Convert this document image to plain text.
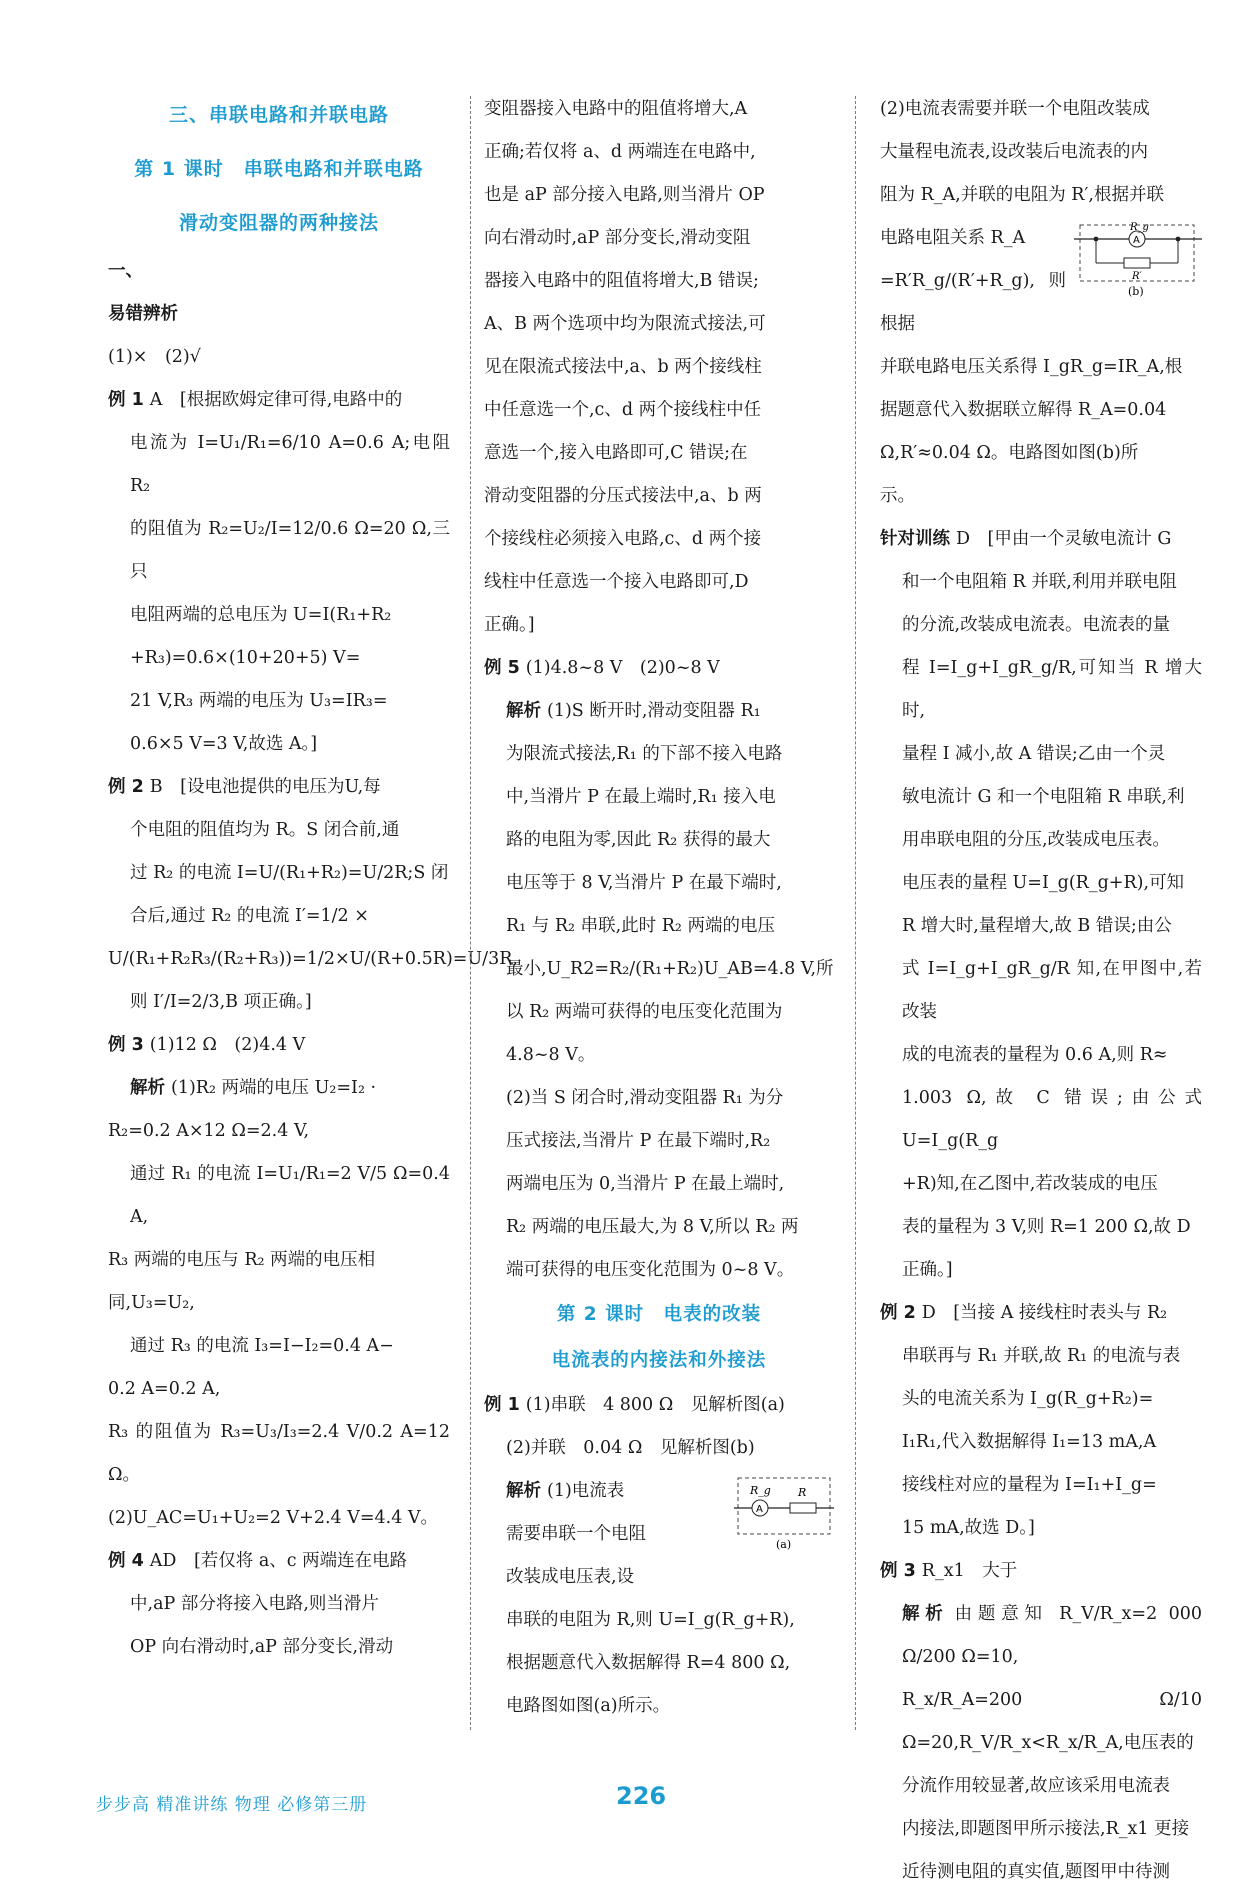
三、串联电路和并联电路
第 1 课时　串联电路和并联电路
滑动变阻器的两种接法

一、

易错辨析

(1)×　(2)√

例 1 A　[根据欧姆定律可得,电路中的

电流为 I=U₁/R₁=6/10 A=0.6 A;电阻 R₂

的阻值为 R₂=U₂/I=12/0.6 Ω=20 Ω,三只

电阻两端的总电压为 U=I(R₁+R₂

+R₃)=0.6×(10+20+5) V=

21 V,R₃ 两端的电压为 U₃=IR₃=

0.6×5 V=3 V,故选 A。]

例 2 B　[设电池提供的电压为U,每

个电阻的阻值均为 R。S 闭合前,通

过 R₂ 的电流 I=U/(R₁+R₂)=U/2R;S 闭

合后,通过 R₂ 的电流 I′=1/2 ×

U/(R₁+R₂R₃/(R₂+R₃))=1/2×U/(R+0.5R)=U/3R,

则 I′/I=2/3,B 项正确。]

例 3 (1)12 Ω　(2)4.4 V

解析 (1)R₂ 两端的电压 U₂=I₂ ·

R₂=0.2 A×12 Ω=2.4 V,

通过 R₁ 的电流 I=U₁/R₁=2 V/5 Ω=0.4 A,

R₃ 两端的电压与 R₂ 两端的电压相

同,U₃=U₂,

通过 R₃ 的电流 I₃=I−I₂=0.4 A−

0.2 A=0.2 A,

R₃ 的阻值为 R₃=U₃/I₃=2.4 V/0.2 A=12 Ω。

(2)U_AC=U₁+U₂=2 V+2.4 V=4.4 V。

例 4 AD　[若仅将 a、c 两端连在电路

中,aP 部分将接入电路,则当滑片

OP 向右滑动时,aP 部分变长,滑动

变阻器接入电路中的阻值将增大,A

正确;若仅将 a、d 两端连在电路中,

也是 aP 部分接入电路,则当滑片 OP

向右滑动时,aP 部分变长,滑动变阻

器接入电路中的阻值将增大,B 错误;

A、B 两个选项中均为限流式接法,可

见在限流式接法中,a、b 两个接线柱

中任意选一个,c、d 两个接线柱中任

意选一个,接入电路即可,C 错误;在

滑动变阻器的分压式接法中,a、b 两

个接线柱必须接入电路,c、d 两个接

线柱中任意选一个接入电路即可,D

正确。]

例 5 (1)4.8~8 V　(2)0~8 V

解析 (1)S 断开时,滑动变阻器 R₁

为限流式接法,R₁ 的下部不接入电路

中,当滑片 P 在最上端时,R₁ 接入电

路的电阻为零,因此 R₂ 获得的最大

电压等于 8 V,当滑片 P 在最下端时,

R₁ 与 R₂ 串联,此时 R₂ 两端的电压

最小,U_R2=R₂/(R₁+R₂)U_AB=4.8 V,所

以 R₂ 两端可获得的电压变化范围为

4.8~8 V。

(2)当 S 闭合时,滑动变阻器 R₁ 为分

压式接法,当滑片 P 在最下端时,R₂

两端电压为 0,当滑片 P 在最上端时,

R₂ 两端的电压最大,为 8 V,所以 R₂ 两

端可获得的电压变化范围为 0~8 V。

第 2 课时　电表的改装
电流表的内接法和外接法

例 1 (1)串联　4 800 Ω　见解析图(a)

(2)并联　0.04 Ω　见解析图(b)

A
R_g R
(a)

解析 (1)电流表

需要串联一个电阻

改装成电压表,设

串联的电阻为 R,则 U=I_g(R_g+R),

根据题意代入数据解得 R=4 800 Ω,

电路图如图(a)所示。

(2)电流表需要并联一个电阻改装成

大量程电流表,设改装后电流表的内

阻为 R_A,并联的电阻为 R′,根据并联

A
R_g
R′
(b)

电路电阻关系 R_A

=R′R_g/(R′+R_g),则根据

并联电路电压关系得 I_gR_g=IR_A,根

据题意代入数据联立解得 R_A=0.04

Ω,R′≈0.04 Ω。电路图如图(b)所

示。

针对训练 D　[甲由一个灵敏电流计 G

和一个电阻箱 R 并联,利用并联电阻

的分流,改装成电流表。电流表的量

程 I=I_g+I_gR_g/R,可知当 R 增大时,

量程 I 减小,故 A 错误;乙由一个灵

敏电流计 G 和一个电阻箱 R 串联,利

用串联电阻的分压,改装成电压表。

电压表的量程 U=I_g(R_g+R),可知

R 增大时,量程增大,故 B 错误;由公

式 I=I_g+I_gR_g/R 知,在甲图中,若改装

成的电流表的量程为 0.6 A,则 R≈

1.003 Ω,故 C 错误;由公式 U=I_g(R_g

+R)知,在乙图中,若改装成的电压

表的量程为 3 V,则 R=1 200 Ω,故 D

正确。]

例 2 D　[当接 A 接线柱时表头与 R₂

串联再与 R₁ 并联,故 R₁ 的电流与表

头的电流关系为 I_g(R_g+R₂)=

I₁R₁,代入数据解得 I₁=13 mA,A

接线柱对应的量程为 I=I₁+I_g=

15 mA,故选 D。]

例 3 R_x1　大于

解析 由题意知 R_V/R_x=2 000 Ω/200 Ω=10,

R_x/R_A=200 Ω/10 Ω=20,R_V/R_x<R_x/R_A,电压表的

分流作用较显著,故应该采用电流表

内接法,即题图甲所示接法,R_x1 更接

近待测电阻的真实值,题图甲中待测

步步高 精准讲练 物理 必修第三册	226
